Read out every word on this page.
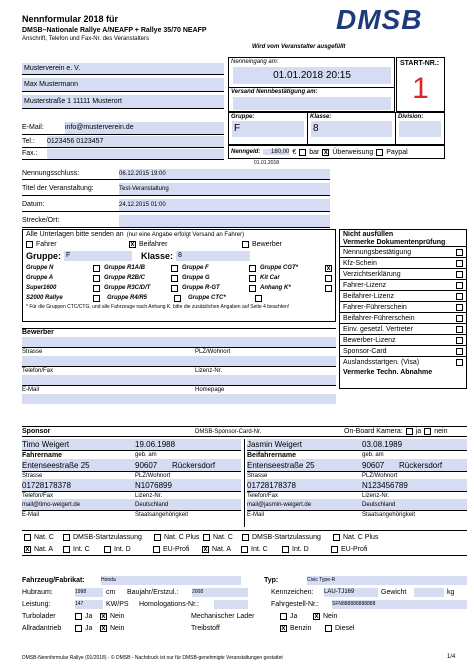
Nennformular 2018 für
DMSB–Nationale Rallye A/NEAFP + Rallye 35/70 NEAFP
Anschrift, Telefon und Fax-Nr. des Veranstalters
DMSB
Wird vom Veranstalter ausgefüllt
Musterverein e. V.
Max Mustermann
Musterstraße 1 11111 Musterort
E-Mail:	info@musterverein.de
Tel.:	0123456 0123457
Fax.:
Nenneingang am:
01.01.2018 20:15
Versand Nennbestätigung am:
START-NR.:
1
Gruppe:
F
Klasse:
8
Division:
Nenngeld:	180,00 € bar x Überweisung Paypal
01.01.2018
Nennungsschluss:	06.12.2015 19:00
Titel der Veranstaltung:	Test-Veranstaltung
Datum:	24.12.2015 01:00
Strecke/Ort:
Alle Unterlagen bitte senden an (nur eine Angabe erfolgt Versand an Fahrer)
Fahrer	x Beifahrer	Bewerber
Gruppe: F	Klasse: 8
Gruppe N	Gruppe R1A/B	Gruppe F	Gruppe CGT*	x
Gruppe A	Gruppe R2B/C	Gruppe G	Kit Car
Super1600	Gruppe R3C/D/T	Gruppe R-GT	Anhang K*
S2000 Rallye	Gruppe R4/R5	Gruppe CTC*
* Für die Gruppen CTC/CTG, und alle Fahrzeuge nach Anhang K. bitte die zusätzlichen Angaben auf Seite 4 beachten!
Nicht ausfüllen
Vermerke Dokumentenprüfung
Nennungsbestätigung
Kfz-Schein
Verzichtserklärung
Fahrer-Lizenz
Beifahrer-Lizenz
Fahrer-Führerschein
Beifahrer-Führerschein
Einv. gesetzl. Vertreter
Bewerber-Lizenz
Sponsor-Card
Auslandsstartgen. (Visa)
Vermerke Techn. Abnahme
Bewerber
Strasse	PLZ/Wohnort
Telefon/Fax	Lizenz-Nr.
E-Mail	Homepage
Sponsor	DMSB-Sponsor-Card-Nr.	On-Board Kamera: ja nein
Timo Weigert	19.06.1988
Fahrername	geb. am
Entenseestraße 25	90607	Rückersdorf
Strasse	PLZ/Wohnort
01728178378	N1076899
Telefon/Fax	Lizenz-Nr.
mail@timo-weigert.de	Deutschland
E-Mail	Staatsangehörigkeit
Jasmin Weigert	03.08.1989
Beifahrername	geb. am
Entenseestraße 25	90607	Rückersdorf
Strasse	PLZ/Wohnort
01728178378	N123456789
Telefon/Fax	Lizenz-Nr.
mail@jasmin-weigert.de	Deutschland
E-Mail	Staatsangehörigkeit
Nat. C	DMSB-Startzulassung	Nat. C Plus Nat. C	DMSB-Startzulassung	Nat. C Plus
x Nat. A	Int. C	Int. D	EU-Profi	x Nat. A	Int. C	Int. D	EU-Profi
Fahrzeug/Fabrikat:	Honda	Typ:	Civic Type-R
Hubraum:	1998	cm	Baujahr/Erstzul.:	2008	Kennzeichen:	LAU-TJ169	Gewicht	kg
Leistung:	147	KW/PS	Homologations-Nr.:	Fahrgestell-Nr.:	SFN888888888888
Turbolader	Ja	x Nein	Mechanischer Lader	Ja	x Nein
Allradantrieb	Ja	x Nein	Treibstoff	x Benzin	Diesel
DMSB-Nennformular Rallye (01/2018) - © DMSB - Nachdruck ist nur für DMSB-genehmigte Veranstaltungen gestattet	1/4
